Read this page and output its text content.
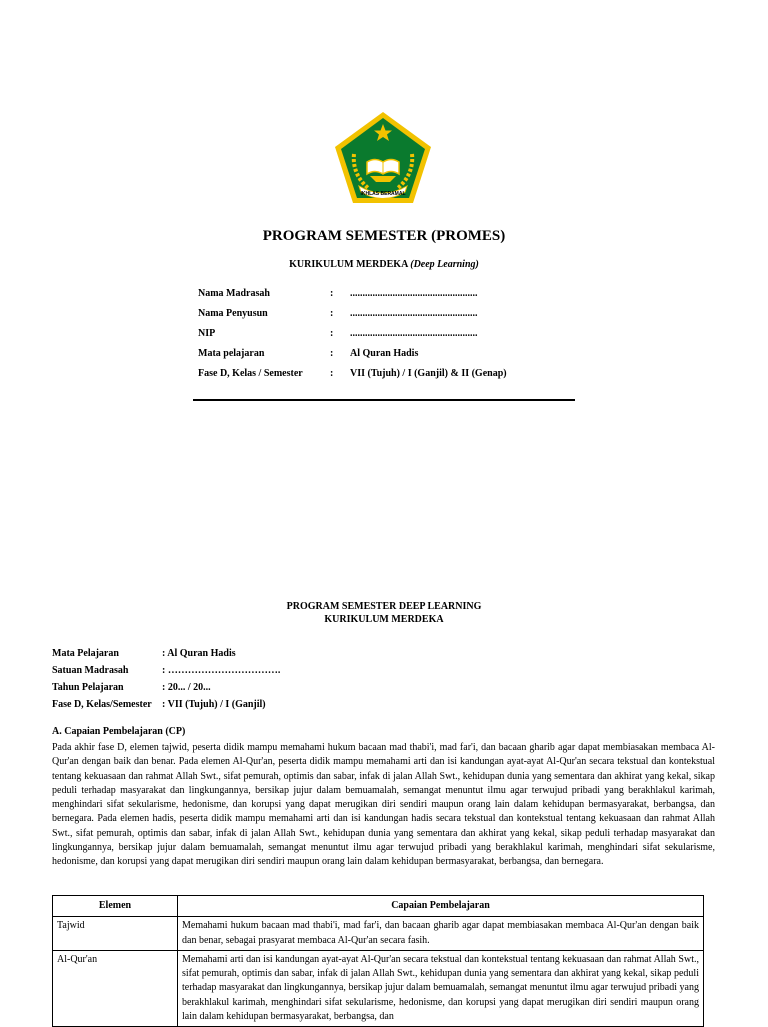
IKHLAS BERAMAL
PROGRAM SEMESTER (PROMES)
KURIKULUM MERDEKA (Deep Learning)
Nama Madrasah	:	...................................................
Nama Penyusun	:	...................................................
NIP	:	...................................................
Mata pelajaran	:	Al Quran Hadis
Fase D, Kelas / Semester	:	VII (Tujuh) / I (Ganjil) & II (Genap)
PROGRAM SEMESTER DEEP LEARNING
KURIKULUM MERDEKA
Mata Pelajaran	: Al Quran Hadis
Satuan Madrasah	: …………………………….
Tahun Pelajaran	: 20... / 20...
Fase D, Kelas/Semester	: VII (Tujuh) / I (Ganjil)
A. Capaian Pembelajaran (CP)
Pada akhir fase D, elemen tajwid, peserta didik mampu memahami hukum bacaan mad thabi'i, mad far'i, dan bacaan gharib agar dapat membiasakan membaca Al-Qur'an dengan baik dan benar. Pada elemen Al-Qur'an, peserta didik mampu memahami arti dan isi kandungan ayat-ayat Al-Qur'an secara tekstual dan kontekstual tentang kekuasaan dan rahmat Allah Swt., sifat pemurah, optimis dan sabar, infak di jalan Allah Swt., kehidupan dunia yang sementara dan akhirat yang kekal, sikap peduli terhadap masyarakat dan lingkungannya, bersikap jujur dalam bemuamalah, semangat menuntut ilmu agar terwujud pribadi yang berakhlakul karimah, menghindari sifat sekularisme, hedonisme, dan korupsi yang dapat merugikan diri sendiri maupun orang lain dalam kehidupan bermasyarakat, berbangsa, dan bernegara. Pada elemen hadis, peserta didik mampu memahami arti dan isi kandungan hadis secara tekstual dan kontekstual tentang kekuasaan dan rahmat Allah Swt., sifat pemurah, optimis dan sabar, infak di jalan Allah Swt., kehidupan dunia yang sementara dan akhirat yang kekal, sikap peduli terhadap masyarakat dan lingkungannya, bersikap jujur dalam bemuamalah, semangat menuntut ilmu agar terwujud pribadi yang berakhlakul karimah, menghindari sifat sekularisme, hedonisme, dan korupsi yang dapat merugikan diri sendiri maupun orang lain dalam kehidupan bermasyarakat, berbangsa, dan bernegara.
Elemen	Capaian Pembelajaran
Tajwid	Memahami hukum bacaan mad thabi'i, mad far'i, dan bacaan gharib agar dapat membiasakan membaca Al-Qur'an dengan baik dan benar, sebagai prasyarat membaca Al-Qur'an secara fasih.
Al-Qur'an	Memahami arti dan isi kandungan ayat-ayat Al-Qur'an secara tekstual dan kontekstual tentang kekuasaan dan rahmat Allah Swt., sifat pemurah, optimis dan sabar, infak di jalan Allah Swt., kehidupan dunia yang sementara dan akhirat yang kekal, sikap peduli terhadap masyarakat dan lingkungannya, bersikap jujur dalam bemuamalah, semangat menuntut ilmu agar terwujud pribadi yang berakhlakul karimah, menghindari sifat sekularisme, hedonisme, dan korupsi yang dapat merugikan diri sendiri maupun orang lain dalam kehidupan bermasyarakat, berbangsa, dan
